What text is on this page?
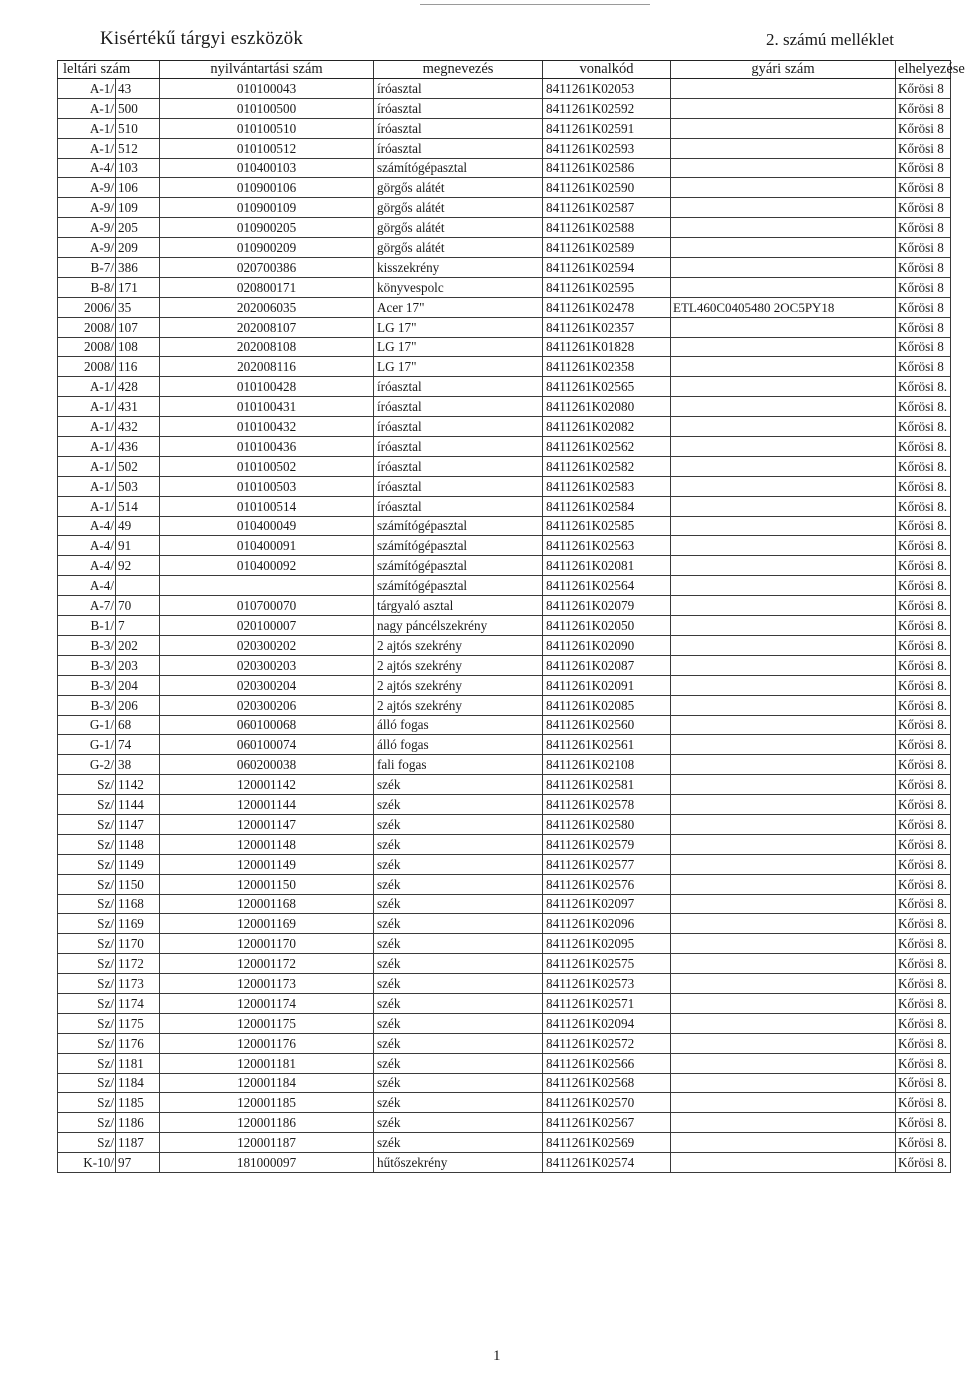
Kisértékű tárgyi eszközök	2. számú melléklet
leltári szám		nyilvántartási szám	megnevezés	vonalkód	gyári szám	elhelyezése
A-1/	43	010100043	íróasztal	8411261K02053		Kőrösi 8
A-1/	500	010100500	íróasztal	8411261K02592		Kőrösi 8
A-1/	510	010100510	íróasztal	8411261K02591		Kőrösi 8
A-1/	512	010100512	íróasztal	8411261K02593		Kőrösi 8
A-4/	103	010400103	számítógépasztal	8411261K02586		Kőrösi 8
A-9/	106	010900106	görgős alátét	8411261K02590		Kőrösi 8
A-9/	109	010900109	görgős alátét	8411261K02587		Kőrösi 8
A-9/	205	010900205	görgős alátét	8411261K02588		Kőrösi 8
A-9/	209	010900209	görgős alátét	8411261K02589		Kőrösi 8
B-7/	386	020700386	kisszekrény	8411261K02594		Kőrösi 8
B-8/	171	020800171	könyvespolc	8411261K02595		Kőrösi 8
2006/	35	202006035	Acer 17"	8411261K02478	ETL460C0405480 2OC5PY18	Kőrösi 8
2008/	107	202008107	LG 17"	8411261K02357		Kőrösi 8
2008/	108	202008108	LG 17"	8411261K01828		Kőrösi 8
2008/	116	202008116	LG 17"	8411261K02358		Kőrösi 8
A-1/	428	010100428	íróasztal	8411261K02565		Kőrösi 8.
A-1/	431	010100431	íróasztal	8411261K02080		Kőrösi 8.
A-1/	432	010100432	íróasztal	8411261K02082		Kőrösi 8.
A-1/	436	010100436	íróasztal	8411261K02562		Kőrösi 8.
A-1/	502	010100502	íróasztal	8411261K02582		Kőrösi 8.
A-1/	503	010100503	íróasztal	8411261K02583		Kőrösi 8.
A-1/	514	010100514	íróasztal	8411261K02584		Kőrösi 8.
A-4/	49	010400049	számítógépasztal	8411261K02585		Kőrösi 8.
A-4/	91	010400091	számítógépasztal	8411261K02563		Kőrösi 8.
A-4/	92	010400092	számítógépasztal	8411261K02081		Kőrösi 8.
A-4/			számítógépasztal	8411261K02564		Kőrösi 8.
A-7/	70	010700070	tárgyaló asztal	8411261K02079		Kőrösi 8.
B-1/	7	020100007	nagy páncélszekrény	8411261K02050		Kőrösi 8.
B-3/	202	020300202	2 ajtós szekrény	8411261K02090		Kőrösi 8.
B-3/	203	020300203	2 ajtós szekrény	8411261K02087		Kőrösi 8.
B-3/	204	020300204	2 ajtós szekrény	8411261K02091		Kőrösi 8.
B-3/	206	020300206	2 ajtós szekrény	8411261K02085		Kőrösi 8.
G-1/	68	060100068	álló fogas	8411261K02560		Kőrösi 8.
G-1/	74	060100074	álló fogas	8411261K02561		Kőrösi 8.
G-2/	38	060200038	fali fogas	8411261K02108		Kőrösi 8.
Sz/	1142	120001142	szék	8411261K02581		Kőrösi 8.
Sz/	1144	120001144	szék	8411261K02578		Kőrösi 8.
Sz/	1147	120001147	szék	8411261K02580		Kőrösi 8.
Sz/	1148	120001148	szék	8411261K02579		Kőrösi 8.
Sz/	1149	120001149	szék	8411261K02577		Kőrösi 8.
Sz/	1150	120001150	szék	8411261K02576		Kőrösi 8.
Sz/	1168	120001168	szék	8411261K02097		Kőrösi 8.
Sz/	1169	120001169	szék	8411261K02096		Kőrösi 8.
Sz/	1170	120001170	szék	8411261K02095		Kőrösi 8.
Sz/	1172	120001172	szék	8411261K02575		Kőrösi 8.
Sz/	1173	120001173	szék	8411261K02573		Kőrösi 8.
Sz/	1174	120001174	szék	8411261K02571		Kőrösi 8.
Sz/	1175	120001175	szék	8411261K02094		Kőrösi 8.
Sz/	1176	120001176	szék	8411261K02572		Kőrösi 8.
Sz/	1181	120001181	szék	8411261K02566		Kőrösi 8.
Sz/	1184	120001184	szék	8411261K02568		Kőrösi 8.
Sz/	1185	120001185	szék	8411261K02570		Kőrösi 8.
Sz/	1186	120001186	szék	8411261K02567		Kőrösi 8.
Sz/	1187	120001187	szék	8411261K02569		Kőrösi 8.
K-10/	97	181000097	hűtőszekrény	8411261K02574		Kőrösi 8.
1
